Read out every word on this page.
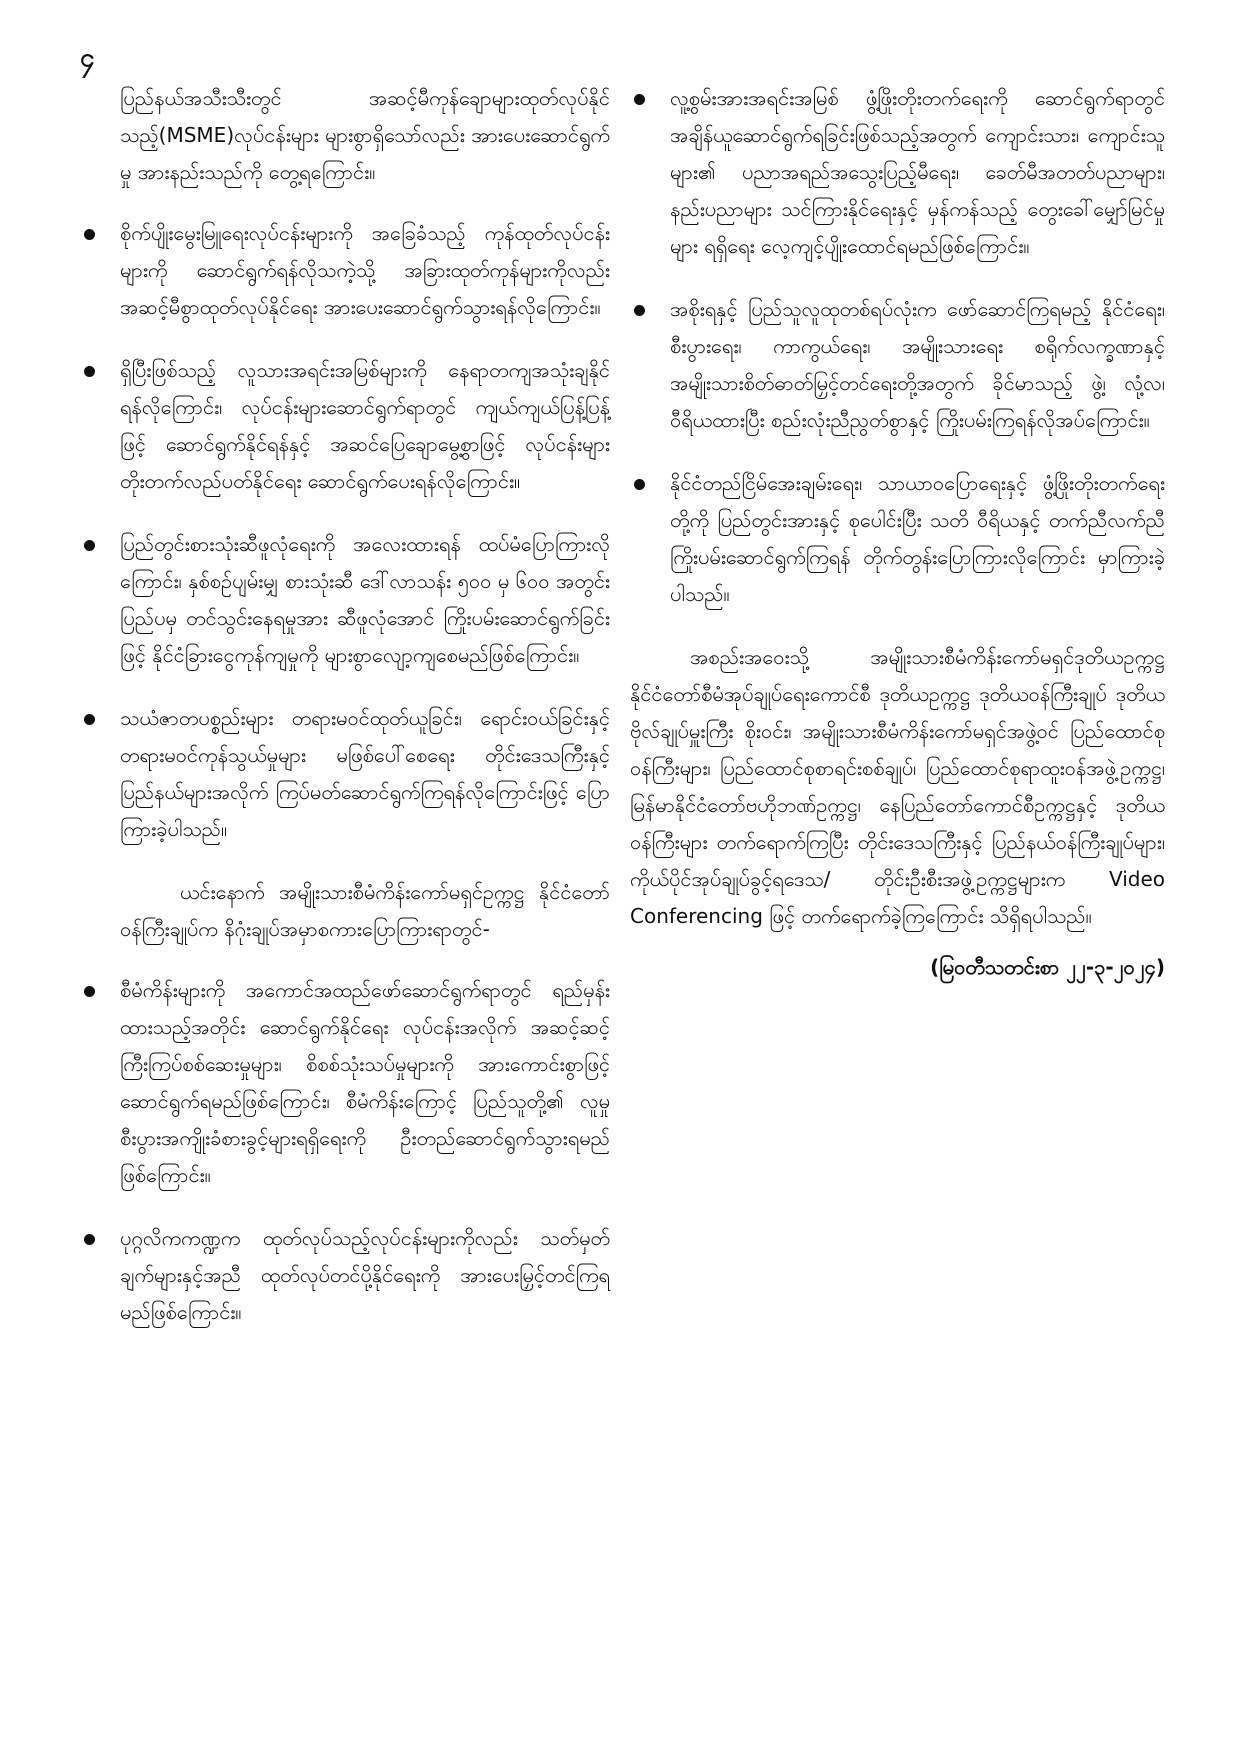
၄

ပြည်နယ်အသီးသီးတွင် အဆင့်မီကုန်ချောများထုတ်လုပ်နိုင်သည့်(MSME)လုပ်ငန်းများ များစွာရှိသော်လည်း အားပေးဆောင်ရွက်မှု အားနည်းသည်ကို တွေ့ရကြောင်း။

စိုက်ပျိုးမွေးမြူရေးလုပ်ငန်းများကို အခြေခံသည့် ကုန်ထုတ်လုပ်ငန်းများကို ဆောင်ရွက်ရန်လိုသကဲ့သို့ အခြားထုတ်ကုန်များကိုလည်း အဆင့်မီစွာထုတ်လုပ်နိုင်ရေး အားပေးဆောင်ရွက်သွားရန်လိုကြောင်း။
ရှိပြီးဖြစ်သည့် လူသားအရင်းအမြစ်များကို နေရာတကျအသုံးချနိုင်ရန်လိုကြောင်း၊ လုပ်ငန်းများဆောင်ရွက်ရာတွင် ကျယ်ကျယ်ပြန့်ပြန့်ဖြင့် ဆောင်ရွက်နိုင်ရန်နှင့် အဆင်ပြေချောမွေ့စွာဖြင့် လုပ်ငန်းများတိုးတက်လည်ပတ်နိုင်ရေး ဆောင်ရွက်ပေးရန်လိုကြောင်း။
ပြည်တွင်းစားသုံးဆီဖူလုံရေးကို အလေးထားရန် ထပ်မံပြောကြားလိုကြောင်း၊ နှစ်စဉ်ပျမ်းမျှ စားသုံးဆီ ဒေါ်လာသန်း ၅၀၀ မှ ၆၀၀ အတွင်း ပြည်ပမှ တင်သွင်းနေရမှုအား ဆီဖူလုံအောင် ကြိုးပမ်းဆောင်ရွက်ခြင်းဖြင့် နိုင်ငံခြားငွေကုန်ကျမှုကို များစွာလျော့ကျစေမည်ဖြစ်ကြောင်း။
သယံဇာတပစ္စည်းများ တရားမဝင်ထုတ်ယူခြင်း၊ ရောင်းဝယ်ခြင်းနှင့် တရားမဝင်ကုန်သွယ်မှုများ မဖြစ်ပေါ်စေရေး တိုင်းဒေသကြီးနှင့် ပြည်နယ်များအလိုက် ကြပ်မတ်ဆောင်ရွက်ကြရန်လိုကြောင်းဖြင့် ပြောကြားခဲ့ပါသည်။

ယင်းနောက် အမျိုးသားစီမံကိန်းကော်မရှင်ဥက္ကဋ္ဌ နိုင်ငံတော်ဝန်ကြီးချုပ်က နိဂုံးချုပ်အမှာစကားပြောကြားရာတွင်-

စီမံကိန်းများကို အကောင်အထည်ဖော်ဆောင်ရွက်ရာတွင် ရည်မှန်းထားသည့်အတိုင်း ဆောင်ရွက်နိုင်ရေး လုပ်ငန်းအလိုက် အဆင့်ဆင့်ကြီးကြပ်စစ်ဆေးမှုများ၊ စိစစ်သုံးသပ်မှုများကို အားကောင်းစွာဖြင့် ဆောင်ရွက်ရမည်ဖြစ်ကြောင်း၊ စီမံကိန်းကြောင့် ပြည်သူတို့၏ လူမှုစီးပွားအကျိုးခံစားခွင့်များရရှိရေးကို ဦးတည်ဆောင်ရွက်သွားရမည်ဖြစ်ကြောင်း။
ပုဂ္ဂလိကကဏ္ဍက ထုတ်လုပ်သည့်လုပ်ငန်းများကိုလည်း သတ်မှတ်ချက်များနှင့်အညီ ထုတ်လုပ်တင်ပို့နိုင်ရေးကို အားပေးမြှင့်တင်ကြရမည်ဖြစ်ကြောင်း။
လူ့စွမ်းအားအရင်းအမြစ် ဖွံ့ဖြိုးတိုးတက်ရေးကို ဆောင်ရွက်ရာတွင် အချိန်ယူဆောင်ရွက်ရခြင်းဖြစ်သည့်အတွက် ကျောင်းသား၊ ကျောင်းသူများ၏ ပညာအရည်အသွေးပြည့်မီရေး၊ ခေတ်မီအတတ်ပညာများ၊ နည်းပညာများ သင်ကြားနိုင်ရေးနှင့် မှန်ကန်သည့် တွေးခေါ်မျှော်မြင်မှုများ ရရှိရေး လေ့ကျင့်ပျိုးထောင်ရမည်ဖြစ်ကြောင်း။
အစိုးရနှင့် ပြည်သူလူထုတစ်ရပ်လုံးက ဖော်ဆောင်ကြရမည့် နိုင်ငံရေး၊ စီးပွားရေး၊ ကာကွယ်ရေး၊ အမျိုးသားရေး စရိုက်လက္ခဏာနှင့် အမျိုးသားစိတ်ဓာတ်မြှင့်တင်ရေးတို့အတွက် ခိုင်မာသည့် ဖွဲ့၊ လုံ့လ၊ ဝီရိယထားပြီး စည်းလုံးညီညွတ်စွာနှင့် ကြိုးပမ်းကြရန်လိုအပ်ကြောင်း။
နိုင်ငံတည်ငြိမ်အေးချမ်းရေး၊ သာယာဝပြောရေးနှင့် ဖွံ့ဖြိုးတိုးတက်ရေးတို့ကို ပြည်တွင်းအားနှင့် စုပေါင်းပြီး သတိ ဝီရိယနှင့် တက်ညီလက်ညီ ကြိုးပမ်းဆောင်ရွက်ကြရန် တိုက်တွန်းပြောကြားလိုကြောင်း မှာကြားခဲ့ပါသည်။

အစည်းအဝေးသို့ အမျိုးသားစီမံကိန်းကော်မရှင်ဒုတိယဥက္ကဋ္ဌ နိုင်ငံတော်စီမံအုပ်ချုပ်ရေးကောင်စီ ဒုတိယဥက္ကဋ္ဌ ဒုတိယဝန်ကြီးချုပ် ဒုတိယဗိုလ်ချုပ်မှူးကြီး စိုးဝင်း၊ အမျိုးသားစီမံကိန်းကော်မရှင်အဖွဲ့ဝင် ပြည်ထောင်စုဝန်ကြီးများ၊ ပြည်ထောင်စုစာရင်းစစ်ချုပ်၊ ပြည်ထောင်စုရာထူးဝန်အဖွဲ့ဥက္ကဋ္ဌ၊ မြန်မာနိုင်ငံတော်ဗဟိုဘဏ်ဥက္ကဋ္ဌ၊ နေပြည်တော်ကောင်စီဥက္ကဋ္ဌနှင့် ဒုတိယဝန်ကြီးများ တက်ရောက်ကြပြီး တိုင်းဒေသကြီးနှင့် ပြည်နယ်ဝန်ကြီးချုပ်များ၊ ကိုယ်ပိုင်အုပ်ချုပ်ခွင့်ရဒေသ/ တိုင်းဦးစီးအဖွဲ့ဥက္ကဋ္ဌများက Video Conferencing ဖြင့် တက်ရောက်ခဲ့ကြကြောင်း သိရှိရပါသည်။

(မြဝတီသတင်းစာ ၂၂-၃-၂၀၂၄)
